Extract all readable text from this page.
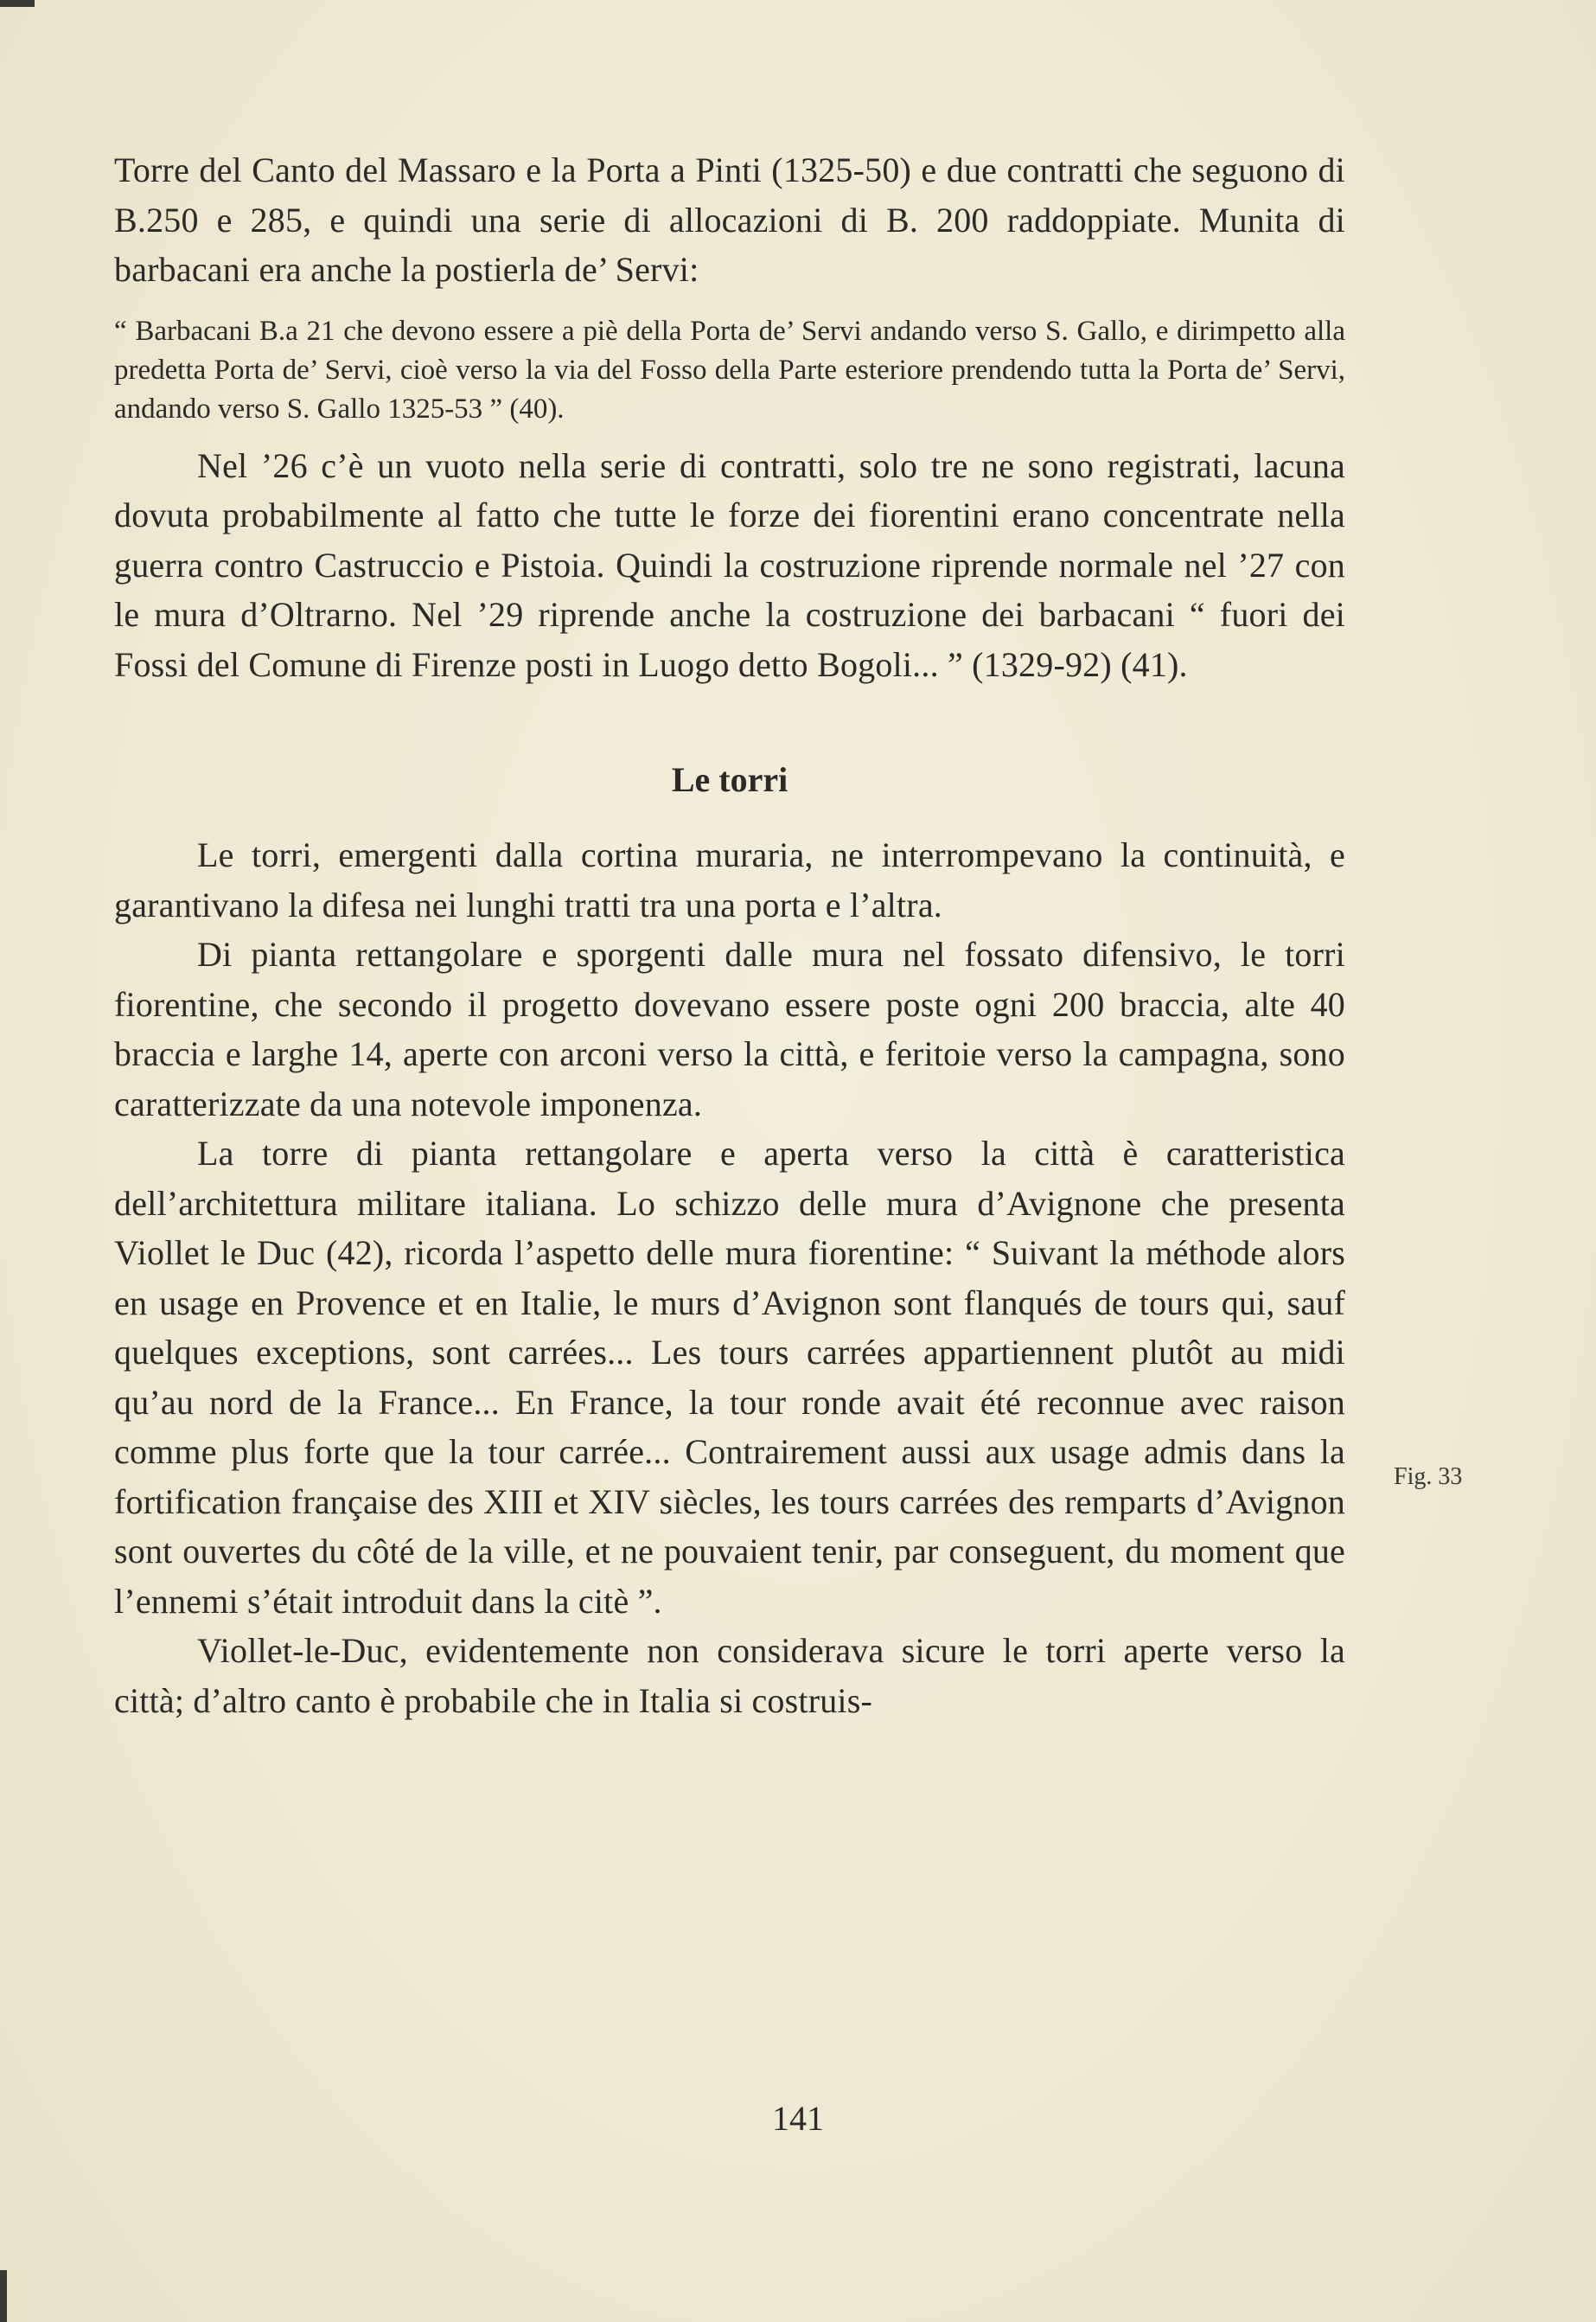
Torre del Canto del Massaro e la Porta a Pinti (1325-50) e due contratti che seguono di B.250 e 285, e quindi una serie di allocazioni di B. 200 raddoppiate. Munita di barbacani era anche la postierla de’ Servi:

“ Barbacani B.a 21 che devono essere a piè della Porta de’ Servi andando verso S. Gallo, e dirimpetto alla predetta Porta de’ Servi, cioè verso la via del Fosso della Parte esteriore prendendo tutta la Porta de’ Servi, andando verso S. Gallo 1325-53 ” (40).

Nel ’26 c’è un vuoto nella serie di contratti, solo tre ne sono registrati, lacuna dovuta probabilmente al fatto che tutte le forze dei fiorentini erano concentrate nella guerra contro Castruccio e Pistoia. Quindi la costruzione riprende normale nel ’27 con le mura d’Oltrarno. Nel ’29 riprende anche la costruzione dei barbacani “ fuori dei Fossi del Comune di Firenze posti in Luogo detto Bogoli... ” (1329-92) (41).

Le torri

Le torri, emergenti dalla cortina muraria, ne interrompevano la continuità, e garantivano la difesa nei lunghi tratti tra una porta e l’altra.

Di pianta rettangolare e sporgenti dalle mura nel fossato difensivo, le torri fiorentine, che secondo il progetto dovevano essere poste ogni 200 braccia, alte 40 braccia e larghe 14, aperte con arconi verso la città, e feritoie verso la campagna, sono caratterizzate da una notevole imponenza.

La torre di pianta rettangolare e aperta verso la città è caratteristica dell’architettura militare italiana. Lo schizzo delle mura d’Avignone che presenta Viollet le Duc (42), ricorda l’aspetto delle mura fiorentine: “ Suivant la méthode alors en usage en Provence et en Italie, le murs d’Avignon sont flanqués de tours qui, sauf quelques exceptions, sont carrées... Les tours carrées appartiennent plutôt au midi qu’au nord de la France... En France, la tour ronde avait été reconnue avec raison comme plus forte que la tour carrée... Contrairement aussi aux usage admis dans la fortification française des XIII et XIV siècles, les tours carrées des remparts d’Avignon sont ouvertes du côté de la ville, et ne pouvaient tenir, par conseguent, du moment que l’ennemi s’était introduit dans la citè ”.

Viollet-le-Duc, evidentemente non considerava sicure le torri aperte verso la città; d’altro canto è probabile che in Italia si costruis-

Fig. 33
141
